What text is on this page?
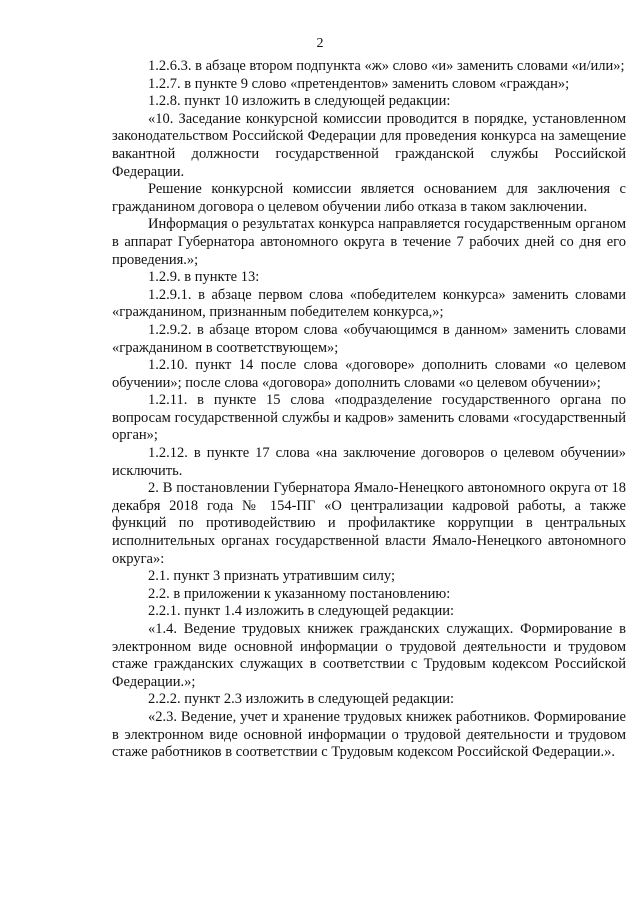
2

1.2.6.3. в абзаце втором подпункта «ж» слово «и» заменить словами «и/или»;

1.2.7. в пункте 9 слово «претендентов» заменить словом «граждан»;

1.2.8. пункт 10 изложить в следующей редакции:

«10. Заседание конкурсной комиссии проводится в порядке, установленном законодательством Российской Федерации для проведения конкурса на замещение вакантной должности государственной гражданской службы Российской Федерации.

Решение конкурсной комиссии является основанием для заключения с гражданином договора о целевом обучении либо отказа в таком заключении.

Информация о результатах конкурса направляется государственным органом в аппарат Губернатора автономного округа в течение 7 рабочих дней со дня его проведения.»;

1.2.9. в пункте 13:

1.2.9.1. в абзаце первом слова «победителем конкурса» заменить словами «гражданином, признанным победителем конкурса,»;

1.2.9.2. в абзаце втором слова «обучающимся в данном» заменить словами «гражданином в соответствующем»;

1.2.10. пункт 14 после слова «договоре» дополнить словами «о целевом обучении»; после слова «договора» дополнить словами «о целевом обучении»;

1.2.11. в пункте 15 слова «подразделение государственного органа по вопросам государственной службы и кадров» заменить словами «государственный орган»;

1.2.12. в пункте 17 слова «на заключение договоров о целевом обучении» исключить.

2. В постановлении Губернатора Ямало-Ненецкого автономного округа от 18 декабря 2018 года № 154-ПГ «О централизации кадровой работы, а также функций по противодействию и профилактике коррупции в центральных исполнительных органах государственной власти Ямало-Ненецкого автономного округа»:

2.1. пункт 3 признать утратившим силу;

2.2. в приложении к указанному постановлению:

2.2.1. пункт 1.4 изложить в следующей редакции:

«1.4. Ведение трудовых книжек гражданских служащих. Формирование в электронном виде основной информации о трудовой деятельности и трудовом стаже гражданских служащих в соответствии с Трудовым кодексом Российской Федерации.»;

2.2.2. пункт 2.3 изложить в следующей редакции:

«2.3. Ведение, учет и хранение трудовых книжек работников. Формирование в электронном виде основной информации о трудовой деятельности и трудовом стаже работников в соответствии с Трудовым кодексом Российской Федерации.».
